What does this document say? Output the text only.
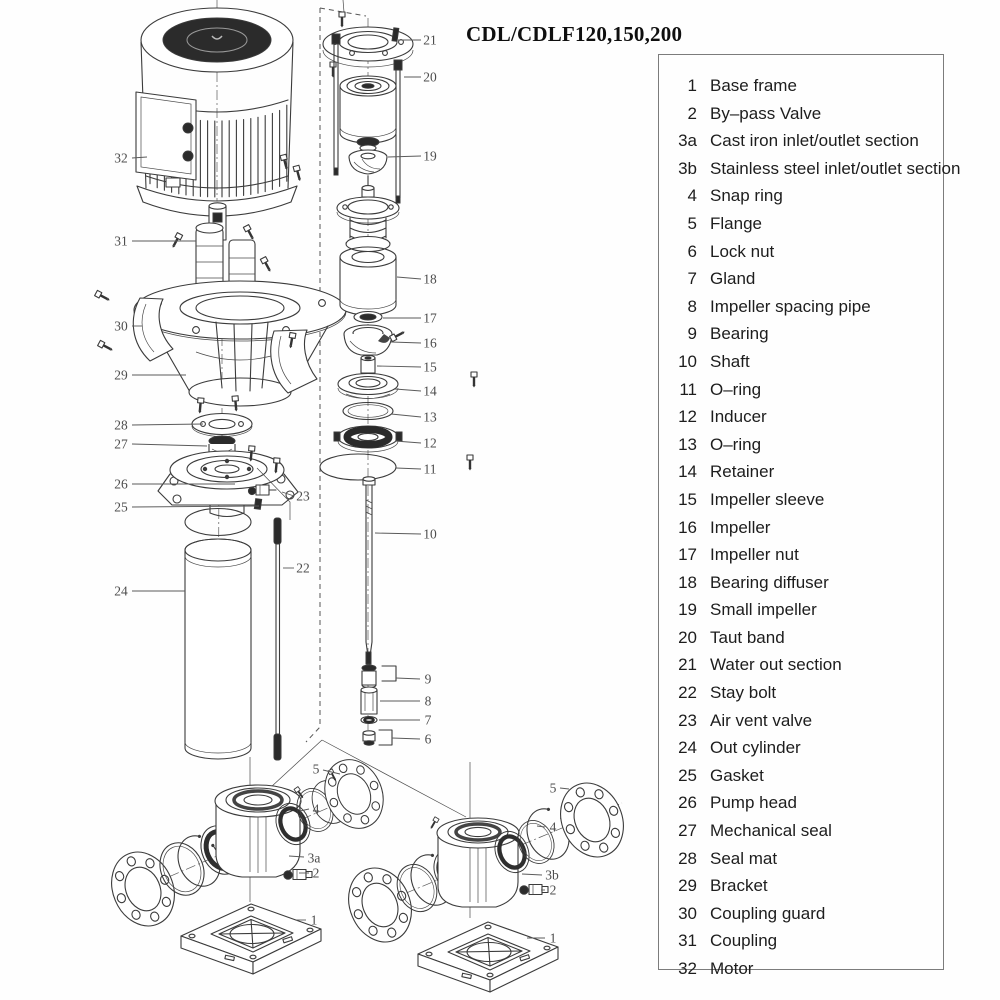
32
31
30
29
28
27
26
25
24
23
22
21
20
19
18
17
16
15
14
13
12
11
10
9
8
7
6
5
4
3a
2
1
5
4
3b
2
1
CDL/CDLF120,150,200
1 Base frame
2 By–pass Valve
3a Cast iron inlet/outlet section
3b Stainless steel inlet/outlet section
4 Snap ring
5 Flange
6 Lock nut
7 Gland
8 Impeller spacing pipe
9 Bearing
10 Shaft
11 O–ring
12 Inducer
13 O–ring
14 Retainer
15 Impeller sleeve
16 Impeller
17 Impeller nut
18 Bearing diffuser
19 Small impeller
20 Taut band
21 Water out section
22 Stay bolt
23 Air vent valve
24 Out cylinder
25 Gasket
26 Pump head
27 Mechanical seal
28 Seal mat
29 Bracket
30 Coupling guard
31 Coupling
32 Motor
